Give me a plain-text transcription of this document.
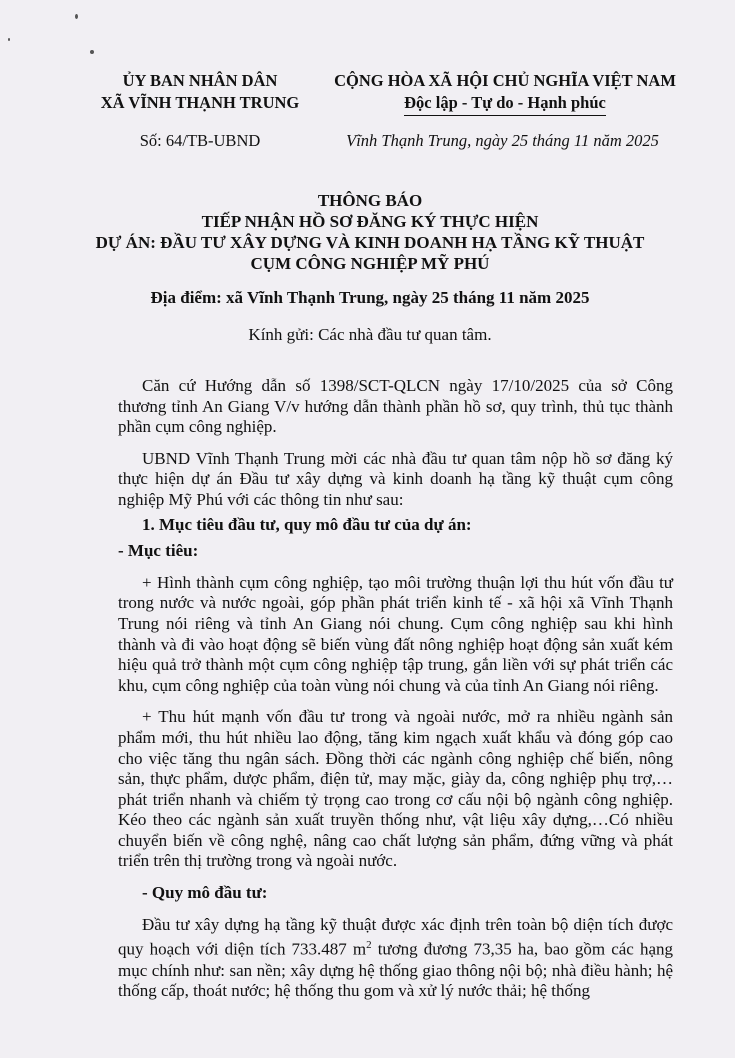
ỦY BAN NHÂN DÂN
XÃ VĨNH THẠNH TRUNG
CỘNG HÒA XÃ HỘI CHỦ NGHĨA VIỆT NAM
Độc lập - Tự do - Hạnh phúc
Số: 64/TB-UBND	Vĩnh Thạnh Trung, ngày 25 tháng 11 năm 2025
THÔNG BÁO
TIẾP NHẬN HỒ SƠ ĐĂNG KÝ THỰC HIỆN
DỰ ÁN: ĐẦU TƯ XÂY DỰNG VÀ KINH DOANH HẠ TẦNG KỸ THUẬT
CỤM CÔNG NGHIỆP MỸ PHÚ
Địa điểm: xã Vĩnh Thạnh Trung, ngày 25 tháng 11 năm 2025
Kính gửi: Các nhà đầu tư quan tâm.

Căn cứ Hướng dẫn số 1398/SCT-QLCN ngày 17/10/2025 của sở Công thương tỉnh An Giang V/v hướng dẫn thành phần hồ sơ, quy trình, thủ tục thành phần cụm công nghiệp.

UBND Vĩnh Thạnh Trung mời các nhà đầu tư quan tâm nộp hồ sơ đăng ký thực hiện dự án Đầu tư xây dựng và kinh doanh hạ tầng kỹ thuật cụm công nghiệp Mỹ Phú với các thông tin như sau:

1. Mục tiêu đầu tư, quy mô đầu tư của dự án:

- Mục tiêu:

+ Hình thành cụm công nghiệp, tạo môi trường thuận lợi thu hút vốn đầu tư trong nước và nước ngoài, góp phần phát triển kinh tế - xã hội xã Vĩnh Thạnh Trung nói riêng và tỉnh An Giang nói chung. Cụm công nghiệp sau khi hình thành và đi vào hoạt động sẽ biến vùng đất nông nghiệp hoạt động sản xuất kém hiệu quả trở thành một cụm công nghiệp tập trung, gắn liền với sự phát triển các khu, cụm công nghiệp của toàn vùng nói chung và của tỉnh An Giang nói riêng.

+ Thu hút mạnh vốn đầu tư trong và ngoài nước, mở ra nhiều ngành sản phẩm mới, thu hút nhiều lao động, tăng kim ngạch xuất khẩu và đóng góp cao cho việc tăng thu ngân sách. Đồng thời các ngành công nghiệp chế biến, nông sản, thực phẩm, dược phẩm, điện tử, may mặc, giày da, công nghiệp phụ trợ,…phát triển nhanh và chiếm tỷ trọng cao trong cơ cấu nội bộ ngành công nghiệp. Kéo theo các ngành sản xuất truyền thống như, vật liệu xây dựng,…Có nhiều chuyển biến về công nghệ, nâng cao chất lượng sản phẩm, đứng vững và phát triển trên thị trường trong và ngoài nước.

- Quy mô đầu tư:

Đầu tư xây dựng hạ tầng kỹ thuật được xác định trên toàn bộ diện tích được quy hoạch với diện tích 733.487 $m^2$ tương đương 73,35 ha, bao gồm các hạng mục chính như: san nền; xây dựng hệ thống giao thông nội bộ; nhà điều hành; hệ thống cấp, thoát nước; hệ thống thu gom và xử lý nước thải; hệ thống
